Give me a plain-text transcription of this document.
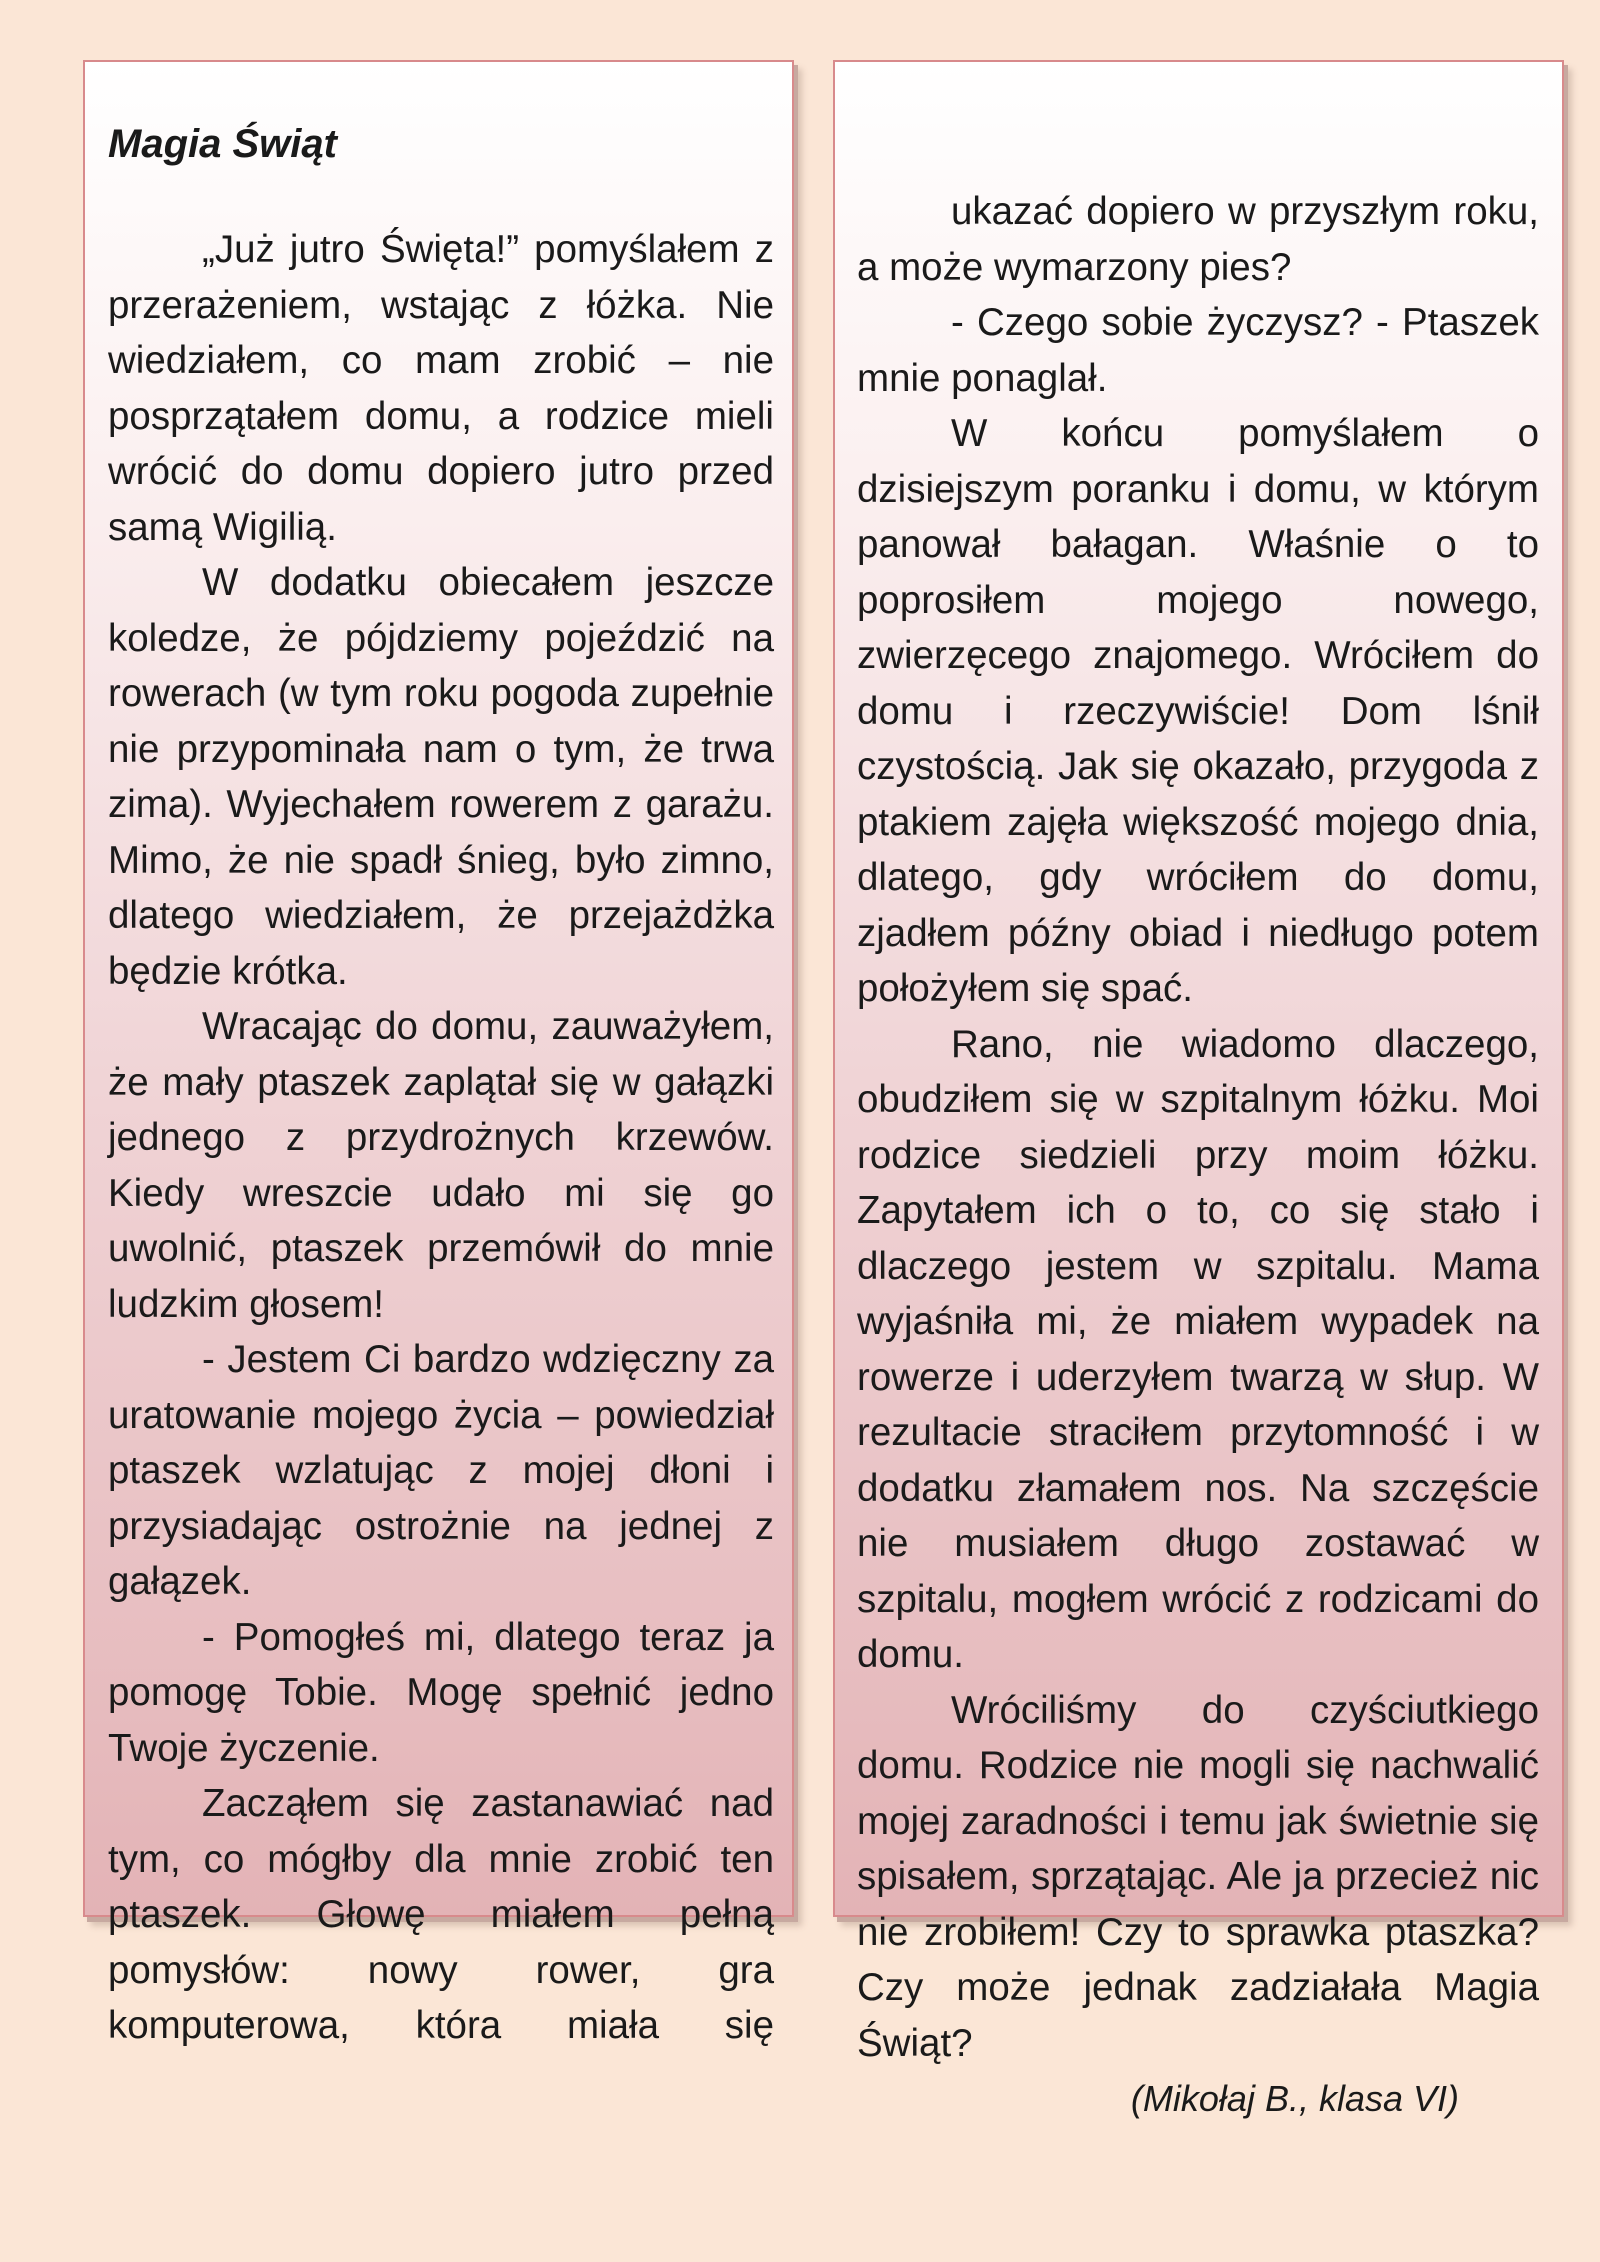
Magia Świąt

„Już jutro Święta!” pomyślałem z przerażeniem, wstając z łóżka. Nie wiedziałem, co mam zrobić – nie posprzątałem domu, a rodzice mieli wrócić do domu dopiero jutro przed samą Wigilią.

W dodatku obiecałem jeszcze koledze, że pójdziemy pojeździć na rowerach (w tym roku pogoda zupełnie nie przypominała nam o tym, że trwa zima). Wyjechałem rowerem z garażu. Mimo, że nie spadł śnieg, było zimno, dlatego wiedziałem, że przejażdżka będzie krótka.

Wracając do domu, zauważyłem, że mały ptaszek zaplątał się w gałązki jednego z przydrożnych krzewów. Kiedy wreszcie udało mi się go uwolnić, ptaszek przemówił do mnie ludzkim głosem!

- Jestem Ci bardzo wdzięczny za uratowanie mojego życia – powiedział ptaszek wzlatując z mojej dłoni i przysiadając ostrożnie na jednej z gałązek.

- Pomogłeś mi, dlatego teraz ja pomogę Tobie. Mogę spełnić jedno Twoje życzenie.

Zacząłem się zastanawiać nad tym, co mógłby dla mnie zrobić ten ptaszek. Głowę miałem pełną pomysłów: nowy rower, gra komputerowa, która miała się

ukazać dopiero w przyszłym roku, a może wymarzony pies?

- Czego sobie życzysz? - Ptaszek mnie ponaglał.

W końcu pomyślałem o dzisiejszym poranku i domu, w którym panował bałagan. Właśnie o to poprosiłem mojego nowego, zwierzęcego znajomego. Wróciłem do domu i rzeczywiście! Dom lśnił czystością. Jak się okazało, przygoda z ptakiem zajęła większość mojego dnia, dlatego, gdy wróciłem do domu, zjadłem późny obiad i niedługo potem położyłem się spać.

Rano, nie wiadomo dlaczego, obudziłem się w szpitalnym łóżku. Moi rodzice siedzieli przy moim łóżku. Zapytałem ich o to, co się stało i dlaczego jestem w szpitalu. Mama wyjaśniła mi, że miałem wypadek na rowerze i uderzyłem twarzą w słup. W rezultacie straciłem przytomność i w dodatku złamałem nos. Na szczęście nie musiałem długo zostawać w szpitalu, mogłem wrócić z rodzicami do domu.

Wróciliśmy do czyściutkiego domu. Rodzice nie mogli się nachwalić mojej zaradności i temu jak świetnie się spisałem, sprzątając. Ale ja przecież nic nie zrobiłem! Czy to sprawka ptaszka? Czy może jednak zadziałała Magia Świąt?

(Mikołaj B., klasa VI)
